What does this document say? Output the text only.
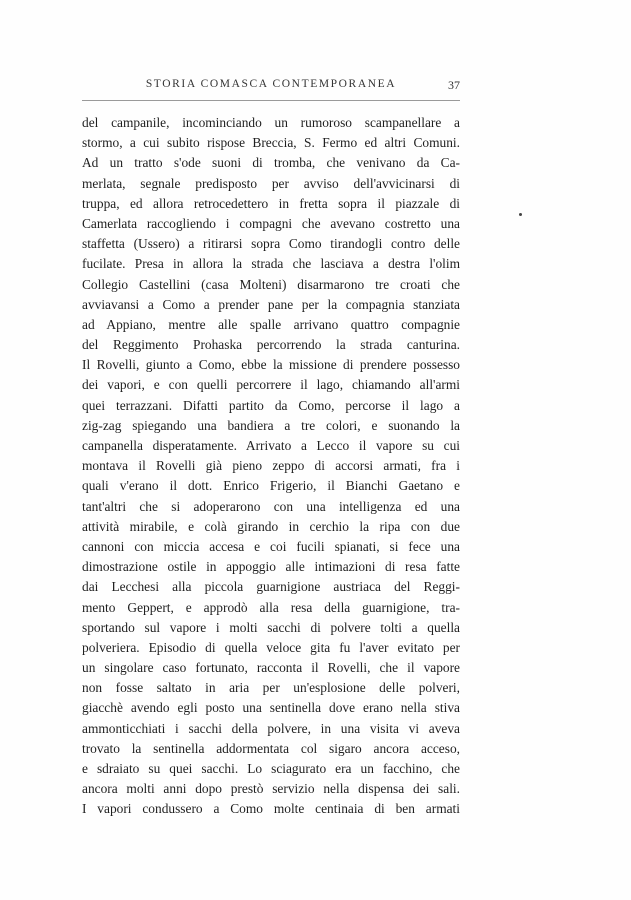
STORIA COMASCA CONTEMPORANEA	37
del campanile, incominciando un rumoroso scampanellare a
stormo, a cui subito rispose Breccia, S. Fermo ed altri Comuni.
Ad un tratto s'ode suoni di tromba, che venivano da Ca-
merlata, segnale predisposto per avviso dell'avvicinarsi di
truppa, ed allora retrocedettero in fretta sopra il piazzale di
Camerlata raccogliendo i compagni che avevano costretto una
staffetta (Ussero) a ritirarsi sopra Como tirandogli contro delle
fucilate. Presa in allora la strada che lasciava a destra l'olim
Collegio Castellini (casa Molteni) disarmarono tre croati che
avviavansi a Como a prender pane per la compagnia stanziata
ad Appiano, mentre alle spalle arrivano quattro compagnie
del Reggimento Prohaska percorrendo la strada canturina.
Il Rovelli, giunto a Como, ebbe la missione di prendere possesso
dei vapori, e con quelli percorrere il lago, chiamando all'armi
quei terrazzani. Difatti partito da Como, percorse il lago a
zig-zag spiegando una bandiera a tre colori, e suonando la
campanella disperatamente. Arrivato a Lecco il vapore su cui
montava il Rovelli già pieno zeppo di accorsi armati, fra i
quali v'erano il dott. Enrico Frigerio, il Bianchi Gaetano e
tant'altri che si adoperarono con una intelligenza ed una
attività mirabile, e colà girando in cerchio la ripa con due
cannoni con miccia accesa e coi fucili spianati, si fece una
dimostrazione ostile in appoggio alle intimazioni di resa fatte
dai Lecchesi alla piccola guarnigione austriaca del Reggi-
mento Geppert, e approdò alla resa della guarnigione, tra-
sportando sul vapore i molti sacchi di polvere tolti a quella
polveriera. Episodio di quella veloce gita fu l'aver evitato per
un singolare caso fortunato, racconta il Rovelli, che il vapore
non fosse saltato in aria per un'esplosione delle polveri,
giacchè avendo egli posto una sentinella dove erano nella stiva
ammonticchiati i sacchi della polvere, in una visita vi aveva
trovato la sentinella addormentata col sigaro ancora acceso,
e sdraiato su quei sacchi. Lo sciagurato era un facchino, che
ancora molti anni dopo prestò servizio nella dispensa dei sali.
I vapori condussero a Como molte centinaia di ben armati
